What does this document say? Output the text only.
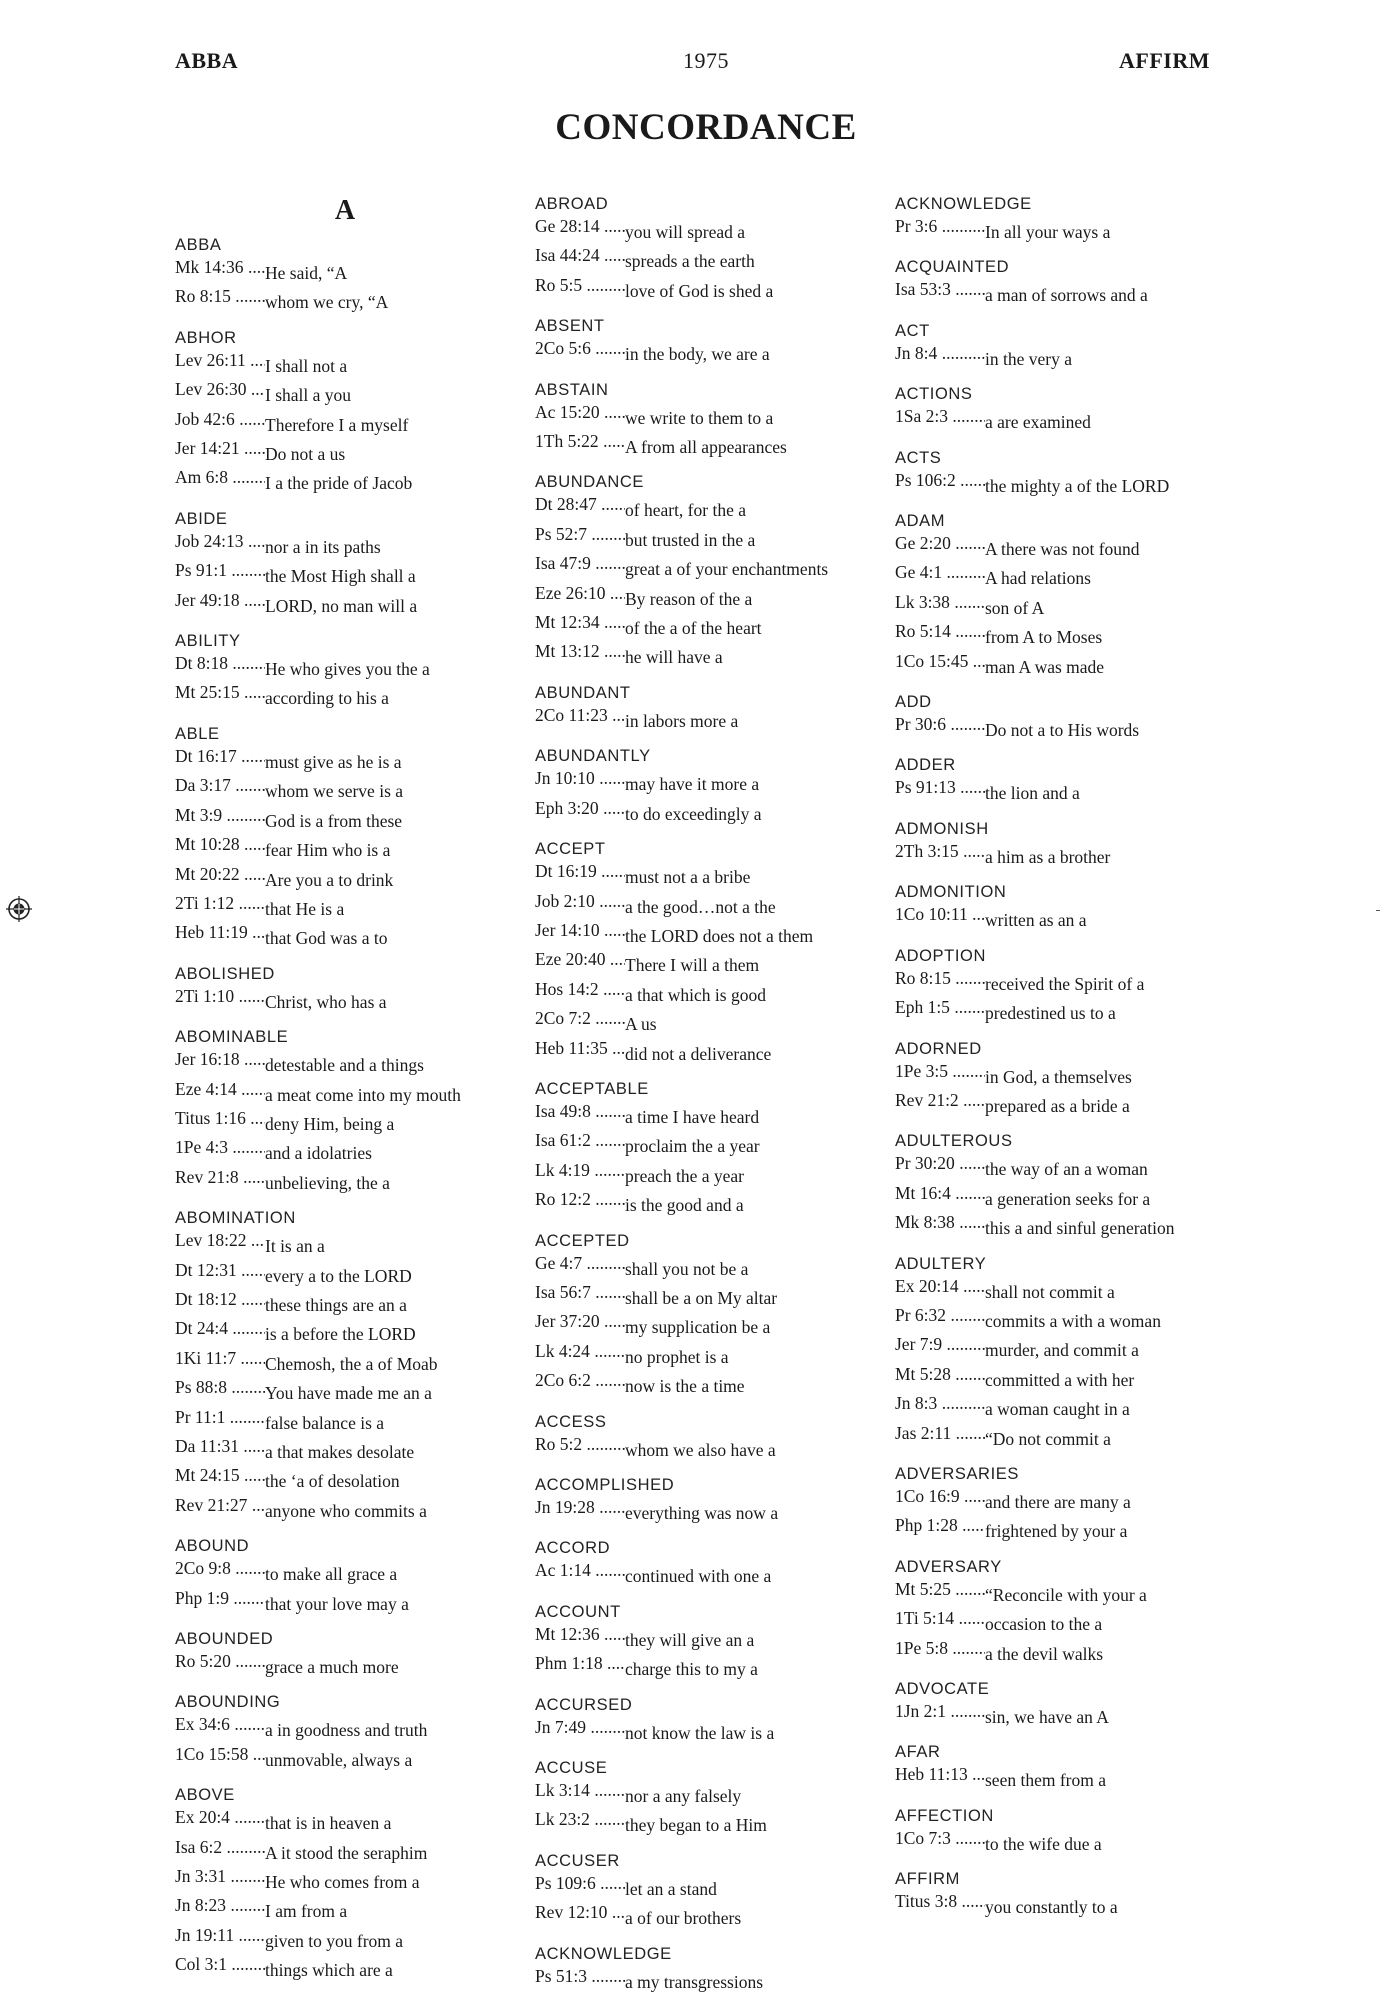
ABBA	1975	AFFIRM
CONCORDANCE
A
ABBA
Mk 14:36 ..... He said, “A
Ro 8:15 ..... whom we cry, “A
ABHOR
Lev 26:11 ..... I shall not a
Lev 26:30 ..... I shall a you
Job 42:6 ..... Therefore I a myself
Jer 14:21 ..... Do not a us
Am 6:8 ..... I a the pride of Jacob
ABIDE
Job 24:13 ..... nor a in its paths
Ps 91:1 ..... the Most High shall a
Jer 49:18 ..... LORD, no man will a
ABILITY
Dt 8:18 ..... He who gives you the a
Mt 25:15 ..... according to his a
ABLE
Dt 16:17 ..... must give as he is a
Da 3:17 ..... whom we serve is a
Mt 3:9 ..... God is a from these
Mt 10:28 ..... fear Him who is a
Mt 20:22 ..... Are you a to drink
2Ti 1:12 ..... that He is a
Heb 11:19 ..... that God was a to
ABOLISHED
2Ti 1:10 ..... Christ, who has a
ABOMINABLE
Jer 16:18 ..... detestable and a things
Eze 4:14 ..... a meat come into my mouth
Titus 1:16 ..... deny Him, being a
1Pe 4:3 ..... and a idolatries
Rev 21:8 ..... unbelieving, the a
ABOMINATION
Lev 18:22 ..... It is an a
Dt 12:31 ..... every a to the LORD
Dt 18:12 ..... these things are an a
Dt 24:4 ..... is a before the LORD
1Ki 11:7 ..... Chemosh, the a of Moab
Ps 88:8 ..... You have made me an a
Pr 11:1 ..... false balance is a
Da 11:31 ..... a that makes desolate
Mt 24:15 ..... the ‘a of desolation
Rev 21:27 ..... anyone who commits a
ABOUND
2Co 9:8 ..... to make all grace a
Php 1:9 ..... that your love may a
ABOUNDED
Ro 5:20 ..... grace a much more
ABOUNDING
Ex 34:6 ..... a in goodness and truth
1Co 15:58 ..... unmovable, always a
ABOVE
Ex 20:4 ..... that is in heaven a
Isa 6:2 ..... A it stood the seraphim
Jn 3:31 ..... He who comes from a
Jn 8:23 ..... I am from a
Jn 19:11 ..... given to you from a
Col 3:1 ..... things which are a
ABROAD
Ge 28:14 ..... you will spread a
Isa 44:24 ..... spreads a the earth
Ro 5:5 ..... love of God is shed a
ABSENT
2Co 5:6 ..... in the body, we are a
ABSTAIN
Ac 15:20 ..... we write to them to a
1Th 5:22 ..... A from all appearances
ABUNDANCE
Dt 28:47 ..... of heart, for the a
Ps 52:7 ..... but trusted in the a
Isa 47:9 ..... great a of your enchantments
Eze 26:10 ..... By reason of the a
Mt 12:34 ..... of the a of the heart
Mt 13:12 ..... he will have a
ABUNDANT
2Co 11:23 ..... in labors more a
ABUNDANTLY
Jn 10:10 ..... may have it more a
Eph 3:20 ..... to do exceedingly a
ACCEPT
Dt 16:19 ..... must not a a bribe
Job 2:10 ..... a the good…not a the
Jer 14:10 ..... the LORD does not a them
Eze 20:40 ..... There I will a them
Hos 14:2 ..... a that which is good
2Co 7:2 ..... A us
Heb 11:35 ..... did not a deliverance
ACCEPTABLE
Isa 49:8 ..... a time I have heard
Isa 61:2 ..... proclaim the a year
Lk 4:19 ..... preach the a year
Ro 12:2 ..... is the good and a
ACCEPTED
Ge 4:7 ..... shall you not be a
Isa 56:7 ..... shall be a on My altar
Jer 37:20 ..... my supplication be a
Lk 4:24 ..... no prophet is a
2Co 6:2 ..... now is the a time
ACCESS
Ro 5:2 ..... whom we also have a
ACCOMPLISHED
Jn 19:28 ..... everything was now a
ACCORD
Ac 1:14 ..... continued with one a
ACCOUNT
Mt 12:36 ..... they will give an a
Phm 1:18 ..... charge this to my a
ACCURSED
Jn 7:49 ..... not know the law is a
ACCUSE
Lk 3:14 ..... nor a any falsely
Lk 23:2 ..... they began to a Him
ACCUSER
Ps 109:6 ..... let an a stand
Rev 12:10 ..... a of our brothers
ACKNOWLEDGE
Ps 51:3 ..... a my transgressions
ACKNOWLEDGE
Pr 3:6 .....	In all your ways a
ACQUAINTED
Isa 53:3 ..... a man of sorrows and a
ACT
Jn 8:4 .....	in the very a
ACTIONS
1Sa 2:3 ..... a are examined
ACTS
Ps 106:2 ..... the mighty a of the LORD
ADAM
Ge 2:20 ..... A there was not found
Ge 4:1 ..... A had relations
Lk 3:38 ..... son of A
Ro 5:14 ..... from A to Moses
1Co 15:45 ..... man A was made
ADD
Pr 30:6 ..... Do not a to His words
ADDER
Ps 91:13 ..... the lion and a
ADMONISH
2Th 3:15 ..... a him as a brother
ADMONITION
1Co 10:11 ..... written as an a
ADOPTION
Ro 8:15 ..... received the Spirit of a
Eph 1:5 ..... predestined us to a
ADORNED
1Pe 3:5 ..... in God, a themselves
Rev 21:2 ..... prepared as a bride a
ADULTEROUS
Pr 30:20 ..... the way of an a woman
Mt 16:4 ..... a generation seeks for a
Mk 8:38 ..... this a and sinful generation
ADULTERY
Ex 20:14 ..... shall not commit a
Pr 6:32 ..... commits a with a woman
Jer 7:9 ..... murder, and commit a
Mt 5:28 ..... committed a with her
Jn 8:3 .....	a woman caught in a
Jas 2:11 ..... “Do not commit a
ADVERSARIES
1Co 16:9 ..... and there are many a
Php 1:28 ..... frightened by your a
ADVERSARY
Mt 5:25 ..... “Reconcile with your a
1Ti 5:14 ..... occasion to the a
1Pe 5:8 ..... a the devil walks
ADVOCATE
1Jn 2:1 ..... sin, we have an A
AFAR
Heb 11:13 ..... seen them from a
AFFECTION
1Co 7:3 ..... to the wife due a
AFFIRM
Titus 3:8 ..... you constantly to a
